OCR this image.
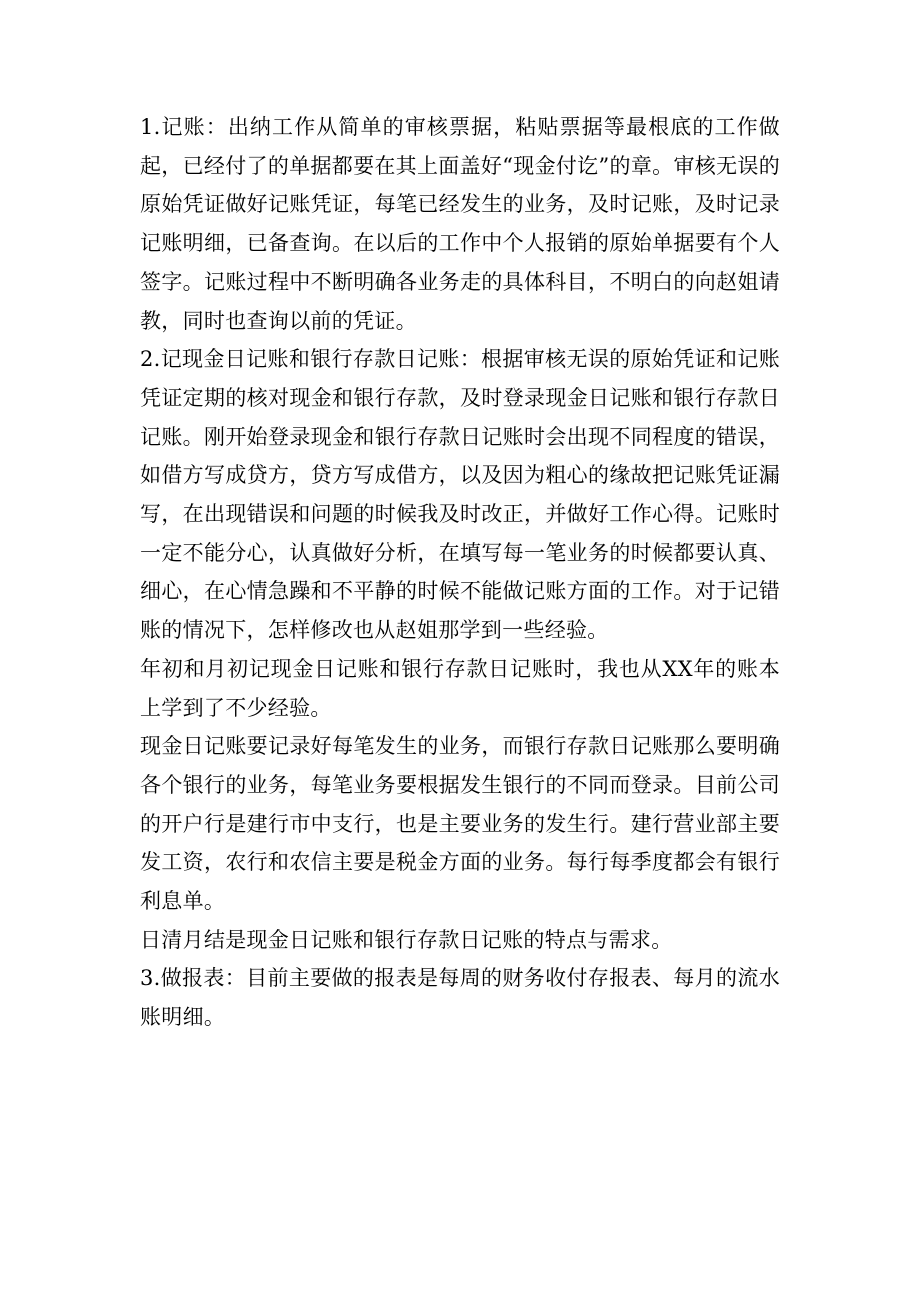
1.记账：出纳工作从简单的审核票据，粘贴票据等最根底的工作做起，已经付了的单据都要在其上面盖好“现金付讫”的章。审核无误的原始凭证做好记账凭证，每笔已经发生的业务，及时记账，及时记录记账明细，已备查询。在以后的工作中个人报销的原始单据要有个人签字。记账过程中不断明确各业务走的具体科目，不明白的向赵姐请教，同时也查询以前的凭证。

2.记现金日记账和银行存款日记账：根据审核无误的原始凭证和记账凭证定期的核对现金和银行存款，及时登录现金日记账和银行存款日记账。刚开始登录现金和银行存款日记账时会出现不同程度的错误，如借方写成贷方，贷方写成借方，以及因为粗心的缘故把记账凭证漏写，在出现错误和问题的时候我及时改正，并做好工作心得。记账时一定不能分心，认真做好分析，在填写每一笔业务的时候都要认真、细心，在心情急躁和不平静的时候不能做记账方面的工作。对于记错账的情况下，怎样修改也从赵姐那学到一些经验。

年初和月初记现金日记账和银行存款日记账时，我也从XX年的账本上学到了不少经验。

现金日记账要记录好每笔发生的业务，而银行存款日记账那么要明确各个银行的业务，每笔业务要根据发生银行的不同而登录。目前公司的开户行是建行市中支行，也是主要业务的发生行。建行营业部主要发工资，农行和农信主要是税金方面的业务。每行每季度都会有银行利息单。

日清月结是现金日记账和银行存款日记账的特点与需求。

3.做报表：目前主要做的报表是每周的财务收付存报表、每月的流水账明细。
